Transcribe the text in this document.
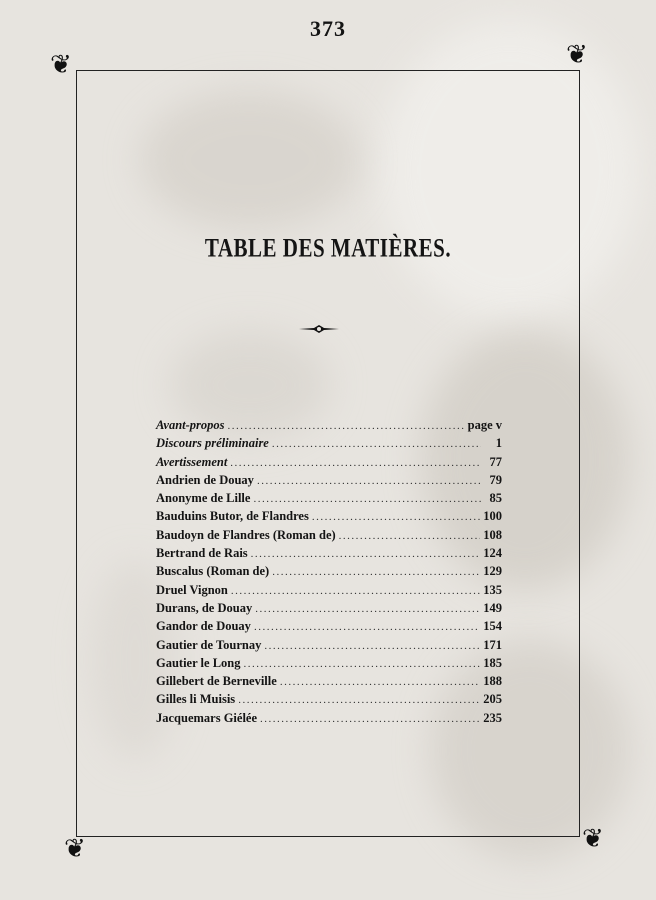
373
❦	❦
❦	❦
TABLE DES MATIÈRES.
Avant-propos .....	page v
Discours préliminaire .....	1
Avertissement .....	77
Andrien de Douay .....	79
Anonyme de Lille .....	85
Bauduins Butor, de Flandres .....	100
Baudoyn de Flandres (Roman de) .....	108
Bertrand de Rais .....	124
Buscalus (Roman de) .....	129
Druel Vignon .....	135
Durans, de Douay .....	149
Gandor de Douay .....	154
Gautier de Tournay .....	171
Gautier le Long .....	185
Gillebert de Berneville .....	188
Gilles li Muisis .....	205
Jacquemars Giélée .....	235
